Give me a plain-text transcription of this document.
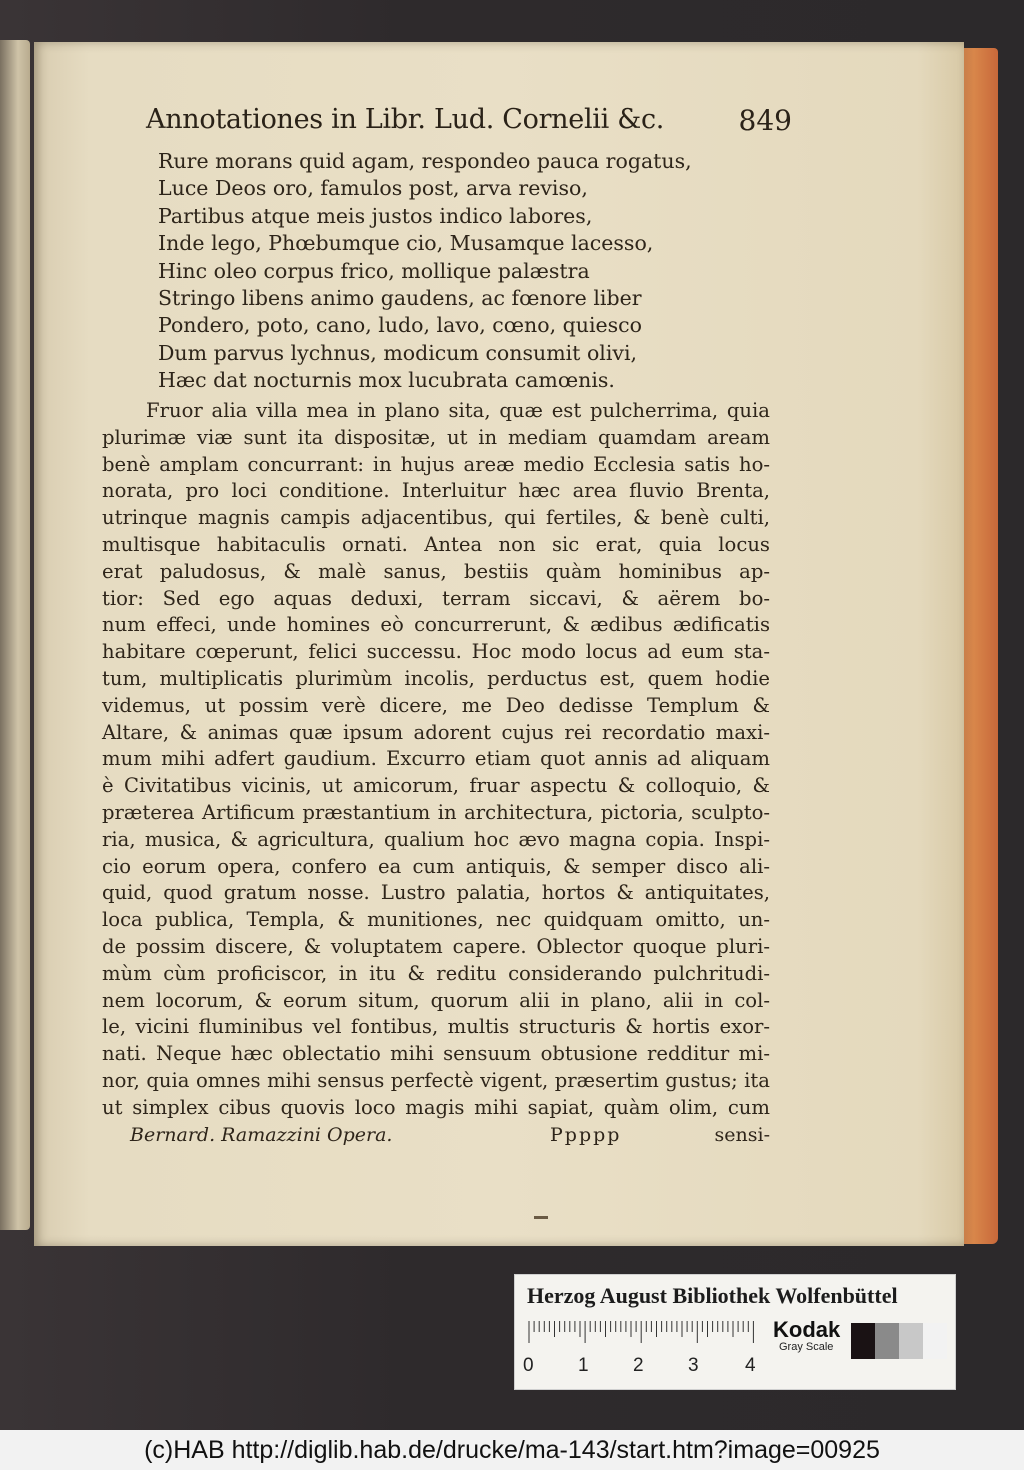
Annotationes in Libr. Lud. Cornelii &c.	849
Rure morans quid agam, respondeo pauca rogatus,
Luce Deos oro, famulos post, arva reviso,
Partibus atque meis justos indico labores,
Inde lego, Phœbumque cio, Musamque lacesso,
Hinc oleo corpus frico, mollique palæstra
Stringo libens animo gaudens, ac fœnore liber
Pondero, poto, cano, ludo, lavo, cœno, quiesco
Dum parvus lychnus, modicum consumit olivi,
Hæc dat nocturnis mox lucubrata camœnis.
Fruor alia villa mea in plano sita, quæ est pulcherrima, quia
plurimæ viæ sunt ita dispositæ, ut in mediam quamdam aream
benè amplam concurrant: in hujus areæ medio Ecclesia satis ho-
norata, pro loci conditione. Interluitur hæc area fluvio Brenta,
utrinque magnis campis adjacentibus, qui fertiles, & benè culti,
multisque habitaculis ornati. Antea non sic erat, quia locus
erat paludosus, & malè sanus, bestiis quàm hominibus ap-
tior: Sed ego aquas deduxi, terram siccavi, & aërem bo-
num effeci, unde homines eò concurrerunt, & ædibus ædificatis
habitare cœperunt, felici successu. Hoc modo locus ad eum sta-
tum, multiplicatis plurimùm incolis, perductus est, quem hodie
videmus, ut possim verè dicere, me Deo dedisse Templum &
Altare, & animas quæ ipsum adorent cujus rei recordatio maxi-
mum mihi adfert gaudium. Excurro etiam quot annis ad aliquam
è Civitatibus vicinis, ut amicorum, fruar aspectu & colloquio, &
præterea Artificum præstantium in architectura, pictoria, sculpto-
ria, musica, & agricultura, qualium hoc ævo magna copia. Inspi-
cio eorum opera, confero ea cum antiquis, & semper disco ali-
quid, quod gratum nosse. Lustro palatia, hortos & antiquitates,
loca publica, Templa, & munitiones, nec quidquam omitto, un-
de possim discere, & voluptatem capere. Oblector quoque pluri-
mùm cùm proficiscor, in itu & reditu considerando pulchritudi-
nem locorum, & eorum situm, quorum alii in plano, alii in col-
le, vicini fluminibus vel fontibus, multis structuris & hortis exor-
nati. Neque hæc oblectatio mihi sensuum obtusione redditur mi-
nor, quia omnes mihi sensus perfectè vigent, præsertim gustus; ita
ut simplex cibus quovis loco magis mihi sapiat, quàm olim, cum
Bernard. Ramazzini Opera.	Ppppp	sensi-
Herzog August Bibliothek Wolfenbüttel
0 1 2 3 4
Kodak
Gray Scale
(c)HAB http://diglib.hab.de/drucke/ma-143/start.htm?image=00925
